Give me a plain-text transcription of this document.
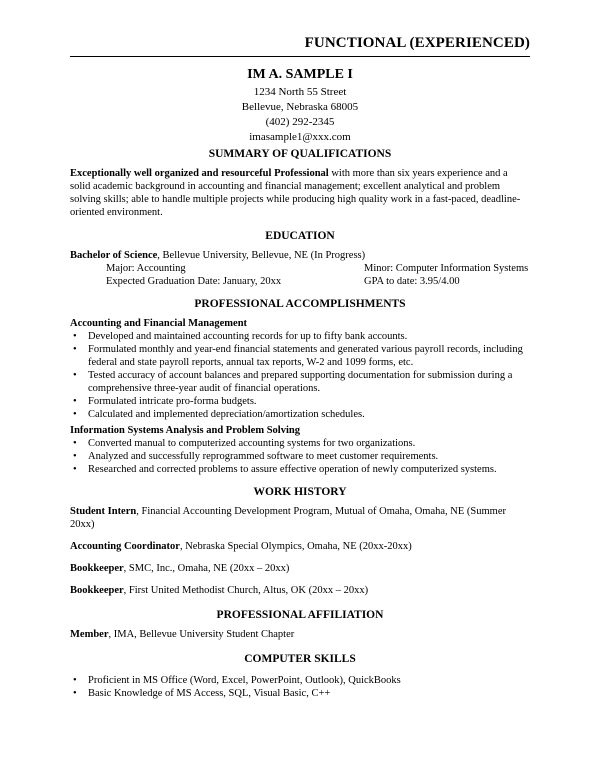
FUNCTIONAL (EXPERIENCED)
IM A. SAMPLE I
1234 North 55 Street
Bellevue, Nebraska 68005
(402) 292-2345
imasample1@xxx.com
SUMMARY OF QUALIFICATIONS

Exceptionally well organized and resourceful Professional with more than six years experience and a solid academic background in accounting and financial management; excellent analytical and problem solving skills; able to handle multiple projects while producing high quality work in a fast-paced, deadline-oriented environment.

EDUCATION

Bachelor of Science, Bellevue University, Bellevue, NE (In Progress)

Major: Accounting	Minor: Computer Information Systems
Expected Graduation Date: January, 20xx	GPA to date: 3.95/4.00
PROFESSIONAL ACCOMPLISHMENTS
Accounting and Financial Management
• Developed and maintained accounting records for up to fifty bank accounts.
• Formulated monthly and year-end financial statements and generated various payroll records, including federal and state payroll reports, annual tax reports, W-2 and 1099 forms, etc.
• Tested accuracy of account balances and prepared supporting documentation for submission during a comprehensive three-year audit of financial operations.
• Formulated intricate pro-forma budgets.
• Calculated and implemented depreciation/amortization schedules.
Information Systems Analysis and Problem Solving
• Converted manual to computerized accounting systems for two organizations.
• Analyzed and successfully reprogrammed software to meet customer requirements.
• Researched and corrected problems to assure effective operation of newly computerized systems.
WORK HISTORY

Student Intern, Financial Accounting Development Program, Mutual of Omaha, Omaha, NE (Summer 20xx)

Accounting Coordinator, Nebraska Special Olympics, Omaha, NE (20xx-20xx)

Bookkeeper, SMC, Inc., Omaha, NE (20xx – 20xx)

Bookkeeper, First United Methodist Church, Altus, OK (20xx – 20xx)

PROFESSIONAL AFFILIATION

Member, IMA, Bellevue University Student Chapter

COMPUTER SKILLS
• Proficient in MS Office (Word, Excel, PowerPoint, Outlook), QuickBooks
• Basic Knowledge of MS Access, SQL, Visual Basic, C++
